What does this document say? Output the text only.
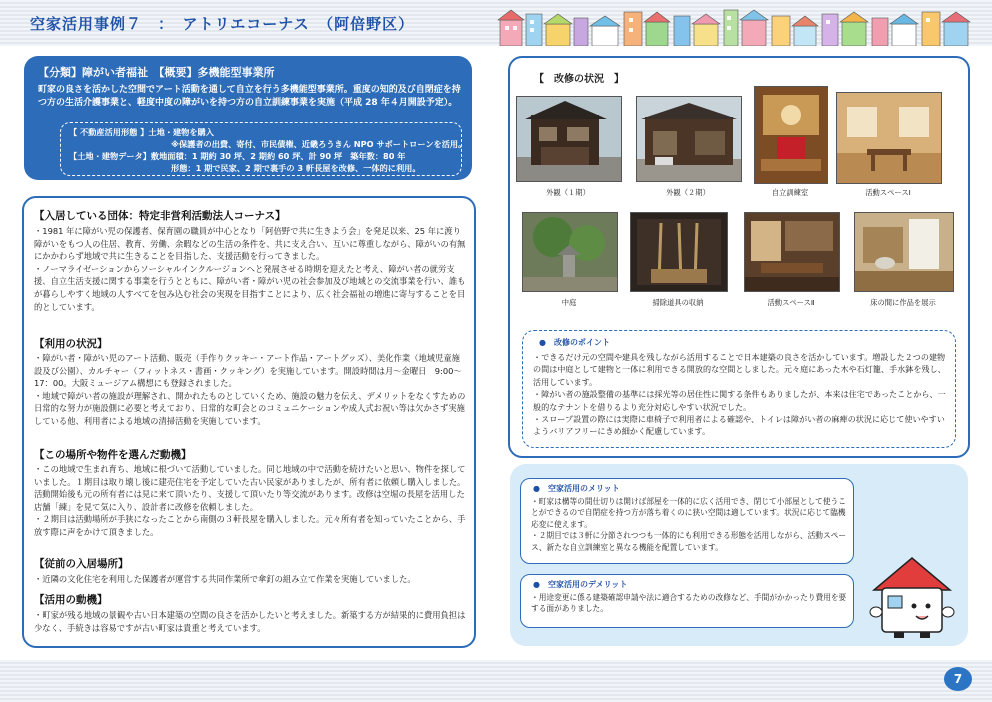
空家活用事例７　：　アトリエコーナス　（阿倍野区）
【分類】障がい者福祉　【概要】多機能型事業所
町家の良さを活かした空間でアート活動を通して自立を行う多機能型事業所。重度の知的及び自閉症を持つ方の生活介護事業と、軽度中度の障がいを持つ方の自立訓練事業を実施（平成 28 年４月開設予定）。
【 不動産活用形態 】土地・建物を購入
※保護者の出費、寄付、市民債権、近畿ろうきん NPO サポートローンを活用。
【土地・建物データ】敷地面積：1 期約 30 坪、2 期約 60 坪、計 90 坪　築年数：80 年
形態：1 期で民家、2 期で裏手の 3 軒長屋を改修、一体的に利用。
【入居している団体：特定非営利活動法人コーナス】

・1981 年に障がい児の保護者、保育園の職員が中心となり「阿倍野で共に生きよう会」を発足以来、25 年に渡り障がいをもつ人の住居、教育、労働、余暇などの生活の条件を、共に支え合い、互いに尊重しながら、障がいの有無にかかわらず地域で共に生きることを目指した、支援活動を行ってきました。

・ノーマライゼーションからソーシャルインクルージョンへと発展させる時期を迎えたと考え、障がい者の就労支援、自立生活支援に関する事業を行うとともに、障がい者・障がい児の社会参加及び地域との交流事業を行い、誰もが暮らしやすく地域の人すべてを包み込む社会の実現を目指すことにより、広く社会福祉の増進に寄与することを目的としています。

【利用の状況】

・障がい者・障がい児のアート活動、販売（手作りクッキー・アート作品・アートグッズ）、美化作業（地域児童施設及び公園）、カルチャー（フィットネス・書画・クッキング）を実施しています。開設時間は月～金曜日　9:00～17：00。大阪ミュージアム構想にも登録されました。

・地域で障がい者の施設が理解され、開かれたものとしていくため、施設の魅力を伝え、デメリットをなくすための日常的な努力が施設側に必要と考えており、日常的な町会とのコミュニケーションや成人式お祝い等は欠かさず実施している他、利用者による地域の清掃活動を実施しています。

【この場所や物件を選んだ動機】

・この地域で生まれ育ち、地域に根づいて活動していました。同じ地域の中で活動を続けたいと思い、物件を探していました。１期目は取り壊し後に建売住宅を予定していた古い民家がありましたが、所有者に依頼し購入しました。活動開始後も元の所有者には見に来て頂いたり、支援して頂いたり等交流があります。改修は空堀の長屋を活用した店舗「練」を見て気に入り、設計者に改修を依頼しました。

・２期目は活動場所が手狭になったことから南側の３軒長屋を購入しました。元々所有者を知っていたことから、手放す際に声をかけて頂きました。

【従前の入居場所】

・近隣の文化住宅を利用した保護者が運営する共同作業所で傘釘の組み立て作業を実施していました。

【活用の動機】

・町家が残る地域の景観や古い日本建築の空間の良さを活かしたいと考えました。新築する方が結果的に費用負担は少なく、手続きは容易ですが古い町家は貴重と考えています。

【　改修の状況　】
外観（１期）	外観（２期）	自立訓練室	活動スペースⅠ
中庭	掃除道具の収納	活動スペースⅡ	床の間に作品を展示
●　改修のポイント

・できるだけ元の空間や建具を残しながら活用することで日本建築の良さを活かしています。増設した２つの建物の間は中庭として建物と一体に利用できる開放的な空間としました。元々庭にあった木や石灯籠、手水鉢を残し、活用しています。

・障がい者の施設整備の基準には採光等の居住性に関する条件もありましたが、本来は住宅であったことから、一般的なテナントを借りるより充分対応しやすい状況でした。

・スロープ設置の際には実際に車椅子で利用者による確認や、トイレは障がい者の麻痺の状況に応じて使いやすいようバリアフリーにきめ細かく配慮しています。

●　空家活用のメリット

・町家は構等の間仕切りは開けば部屋を一体的に広く活用でき、閉じて小部屋として使うことができるので自閉症を持つ方が落ち着くのに狭い空間は適しています。状況に応じて臨機応変に使えます。

・２期目では３軒に分節されつつも一体的にも利用できる形態を活用しながら、活動スペース、新たな自立訓練室と異なる機能を配置しています。

●　空家活用のデメリット

・用途変更に係る建築確認申請や法に適合するための改修など、手間がかかったり費用を要する面がありました。

7
